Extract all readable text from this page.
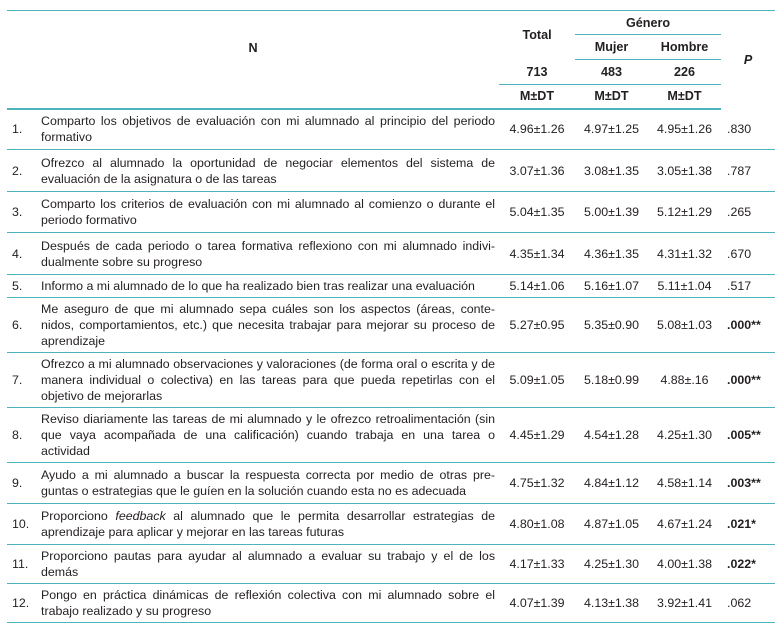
N		Total	Género		P
			Mujer	Hombre	
		713	483	226	
		M±DT	M±DT	M±DT	
1.	Comparto los objetivos de evaluación con mi alumnado al principio del periodo formativo	4.96±1.26	4.97±1.25	4.95±1.26	.830
2.	Ofrezco al alumnado la oportunidad de negociar elementos del sistema de evaluación de la asignatura o de las tareas	3.07±1.36	3.08±1.35	3.05±1.38	.787
3.	Comparto los criterios de evaluación con mi alumnado al comienzo o durante el periodo formativo	5.04±1.35	5.00±1.39	5.12±1.29	.265
4.	Después de cada periodo o tarea formativa reflexiono con mi alumnado indivi-dualmente sobre su progreso	4.35±1.34	4.36±1.35	4.31±1.32	.670
5.	Informo a mi alumnado de lo que ha realizado bien tras realizar una evaluación	5.14±1.06	5.16±1.07	5.11±1.04	.517
6.	Me aseguro de que mi alumnado sepa cuáles son los aspectos (áreas, conte-nidos, comportamientos, etc.) que necesita trabajar para mejorar su proceso de aprendizaje	5.27±0.95	5.35±0.90	5.08±1.03	.000**
7.	Ofrezco a mi alumnado observaciones y valoraciones (de forma oral o escrita y de manera individual o colectiva) en las tareas para que pueda repetirlas con el objetivo de mejorarlas	5.09±1.05	5.18±0.99	4.88±.16	.000**
8.	Reviso diariamente las tareas de mi alumnado y le ofrezco retroalimentación (sin que vaya acompañada de una calificación) cuando trabaja en una tarea o actividad	4.45±1.29	4.54±1.28	4.25±1.30	.005**
9.	Ayudo a mi alumnado a buscar la respuesta correcta por medio de otras pre-guntas o estrategias que le guíen en la solución cuando esta no es adecuada	4.75±1.32	4.84±1.12	4.58±1.14	.003**
10.	Proporciono feedback al alumnado que le permita desarrollar estrategias de aprendizaje para aplicar y mejorar en las tareas futuras	4.80±1.08	4.87±1.05	4.67±1.24	.021*
11.	Proporciono pautas para ayudar al alumnado a evaluar su trabajo y el de los demás	4.17±1.33	4.25±1.30	4.00±1.38	.022*
12.	Pongo en práctica dinámicas de reflexión colectiva con mi alumnado sobre el trabajo realizado y su progreso	4.07±1.39	4.13±1.38	3.92±1.41	.062
